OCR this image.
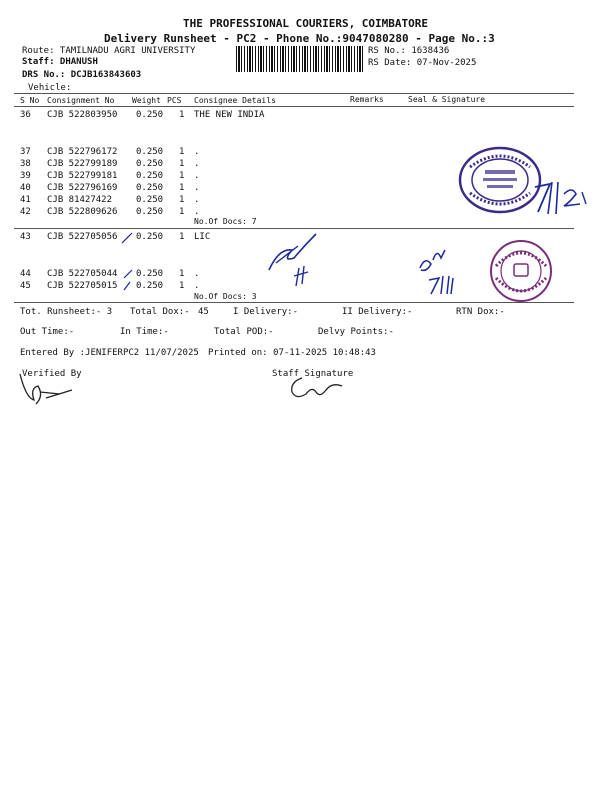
THE PROFESSIONAL COURIERS, COIMBATORE
Delivery Runsheet - PC2 - Phone No.:9047080280 - Page No.:3
Route: TAMILNADU AGRI UNIVERSITY
Staff: DHANUSH
DRS No.: DCJB163843603
Vehicle:
RS No.: 1638436
RS Date: 07-Nov-2025
S No Consignment No Weight PCS Consignee Details	Remarks	Seal & Signature
36 CJB 522803950 0.250 1 THE NEW INDIA
37 CJB 522796172 0.250 1 .
38 CJB 522799189 0.250 1 .
39 CJB 522799181 0.250 1 .
40 CJB 522796169 0.250 1 .
41 CJB 81427422	0.250 1 .
42 CJB 522809626 0.250 1 .
No.Of Docs: 7
43 CJB 522705056 0.250 1 LIC
44 CJB 522705044 0.250 1 .
45 CJB 522705015 0.250 1 .
No.Of Docs: 3
Tot. Runsheet:- 3 Total Dox:- 45	I Delivery:-	II Delivery:-	RTN Dox:-
Out Time:-	In Time:-	Total POD:-	Delvy Points:-
Entered By :JENIFERPC2 11/07/2025 Printed on: 07-11-2025 10:48:43
Verified By	Staff Signature
